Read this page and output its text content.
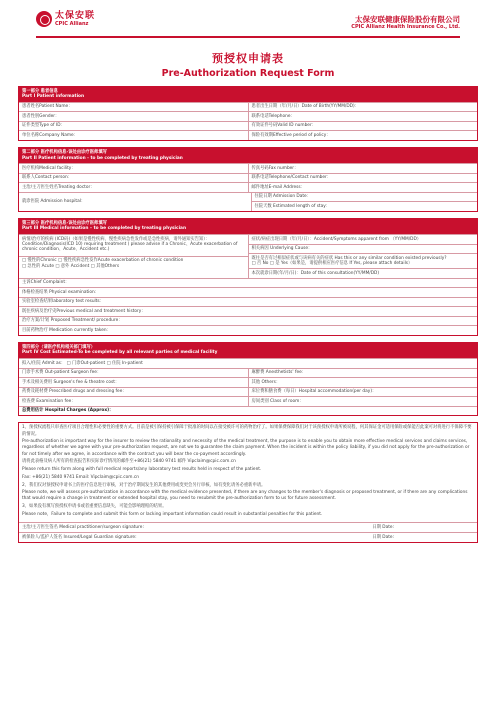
太保安联
CPIC Allianz	太保安联健康保险股份有限公司
CPIC Allianz Health Insurance Co., Ltd.
预授权申请表
Pre-Authorization Request Form
第一部分 患者信息
Part I Patient information
患者姓名Patient Name：	患者出生日期（年/月/日）Date of Birth(YY/MM/DD)：
患者性别Gender：	联系电话Telephone：
证件类型Type of ID：	有效证件号码Valid ID number：
单位名称Company Name：	保险有效期Effective period of policy：
第二部分 医疗机构信息-该处由诊疗医师填写
Part II Patient information - to be completed by treating physician
医疗机构Medical facility：	传真号码Fax number：
联系人Contact person：	联系电话Telephone/Contact number：
主治/主刀医生姓名Treating doctor：	邮件地址E-mail Address：
就诊医院 Admission hospital：
住院日期 Admission Date：
住院天数 Estimated length of stay：
第三部分 医疗机构信息-该处由诊疗医师填写
Part III Medical information – to be completed by treating physician
病情/治疗的疾病 (ICD码)（如果是慢性疾病、慢性疾病急性发作或是急性疾病，请外通知实告知）：Condition/Diagnosis(ICD 10) requiring treatment ( please advise if a Chronic、Acute exacerbation of chronic condition、Acute、Accident etc.)
□ 慢性的Chronic □ 慢性疾病急性发作Acute exacerbation of chronic condition
□ 急性的 Acute □ 意外 Accident □ 其他Others
症状/病症出现日期（年/月/日）：Accident/Symptoms apparent from （YY/MM/DD）
相关病因 Underlying Cause：
既往是否有过相似症状或与该病有关的症状 Has this or any similar condition existed previously?
□ 否 No □ 是 Yes（如果是，请提供相应医疗信息 If Yes, please attach details）
本次就诊日期(年/月/日)：Date of this consultation(YY/MM/DD)
主诉Chief Complaint：
体格检查结果 Physical examination：
实验室检查结果laboratory test results：
既往疾病及治疗史Previous medical and treatment history：
治疗方案/计划 Proposed Treatment/ procedure：
目前药物治疗 Medication currently taken：
第四部分（请医疗机构相关部门填写）
Part IV Cost Estimated-To be completed by all relevant parties of medical facility
拟入/住院 Admit as： □ 门诊Out-patient □ 住院 In-patient
门诊手术费 Out-patient Surgeon fee：	麻醉费 Anesthetists' fee：
手术及相关费用 Surgeon's fee & theatre cost：	其他 Others：
药费及耗材费 Prescribed drugs and dressing fee：	床位费和膳食费（每日）Hospital accommodation(per day)：
检查费 Examination fee：	房间类别 Class of room：
总费用估计 Hospital Charges (Approx)：

1、预授权流程只审查医疗项目合理性和必要性的重要方式。目前是被引保持被引保障于批准的时间以在接受被许可的药物治疗了。如果保费保障我们对于该预授权申请所被说程，何其保证金可适用保险或保能否此案可对将进行不保障不要的情况。

Pre-authorization is important way for the insurer to review the rationality and necessity of the medical treatment, the purpose is to enable you to obtain more effective medical services and claims services, regardless of whether we agree with your pre-authorization request, are not we to guarantee the claim payment. When the incident is within the policy liability, if you did not apply for the pre-authorization or for not timely after we agree, in accordance with the contract you will bear the co-payment accordingly.

请将此表格及病人所有的检查报告和实际诊疗情况的邮件至+86(21) 5840 9741 邮件 Vipclaim@cpic.com.cn

Please return this form along with full medical reports/any laboratory test results held in respect of the patient.

Fax: +86(21) 5840 9741 Email: Vipclaim@cpic.com.cn

2、我们仅对预授权申请书上的医疗信息进行审核，对于治疗期间发生的其他费用或变更会另行审核，如有变化请务必重新申请。

Please note, we will assess pre-authorization in accordance with the medical evidence presented, if there are any changes to the member's diagnosis or proposed treatment, or if there are any complications that would require a change in treatment or extended hospital stay, you need to resubmit the pre-authorization form to us for future assessment.

3、如果没有填写预授权申请书或者重要信息缺失，可能会影响理赔的结果。

Please note，Failure to complete and submit this form or lacking important information could result in substantial penalties for this patient.

主治/主刀医生签名 Medical practitioner/surgeon signature:	日期 Date:
被保险人/监护人签名 Insured/Legal Guardian signature:	日期 Date:
